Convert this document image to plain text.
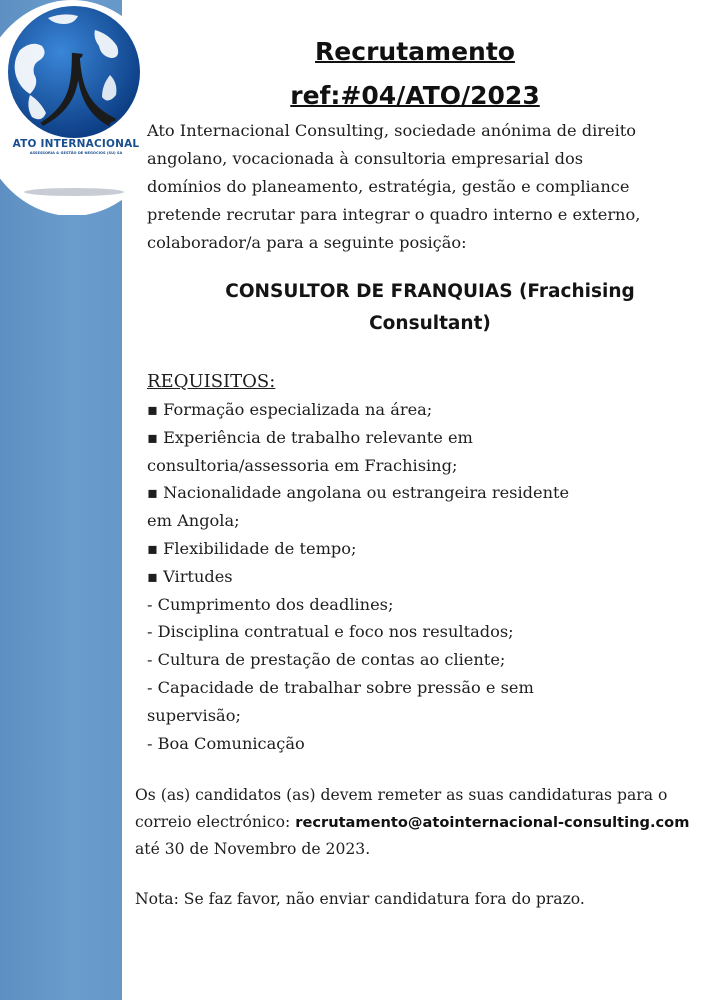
人
ATO INTERNACIONAL
ASSESSORIA & GESTÃO DE NEGÓCIOS (SU) SA
Recrutamento
ref:#04/ATO/2023
Ato Internacional Consulting, sociedade anónima de direito
angolano, vocacionada à consultoria empresarial dos
domínios do planeamento, estratégia, gestão e compliance
pretende recrutar para integrar o quadro interno e externo,
colaborador/a para a seguinte posição:
CONSULTOR DE FRANQUIAS (Frachising
Consultant)
REQUISITOS:
▪ Formação especializada na área;
▪ Experiência de trabalho relevante em
consultoria/assessoria em Frachising;
▪ Nacionalidade angolana ou estrangeira residente
em Angola;
▪ Flexibilidade de tempo;
▪ Virtudes
- Cumprimento dos deadlines;
- Disciplina contratual e foco nos resultados;
- Cultura de prestação de contas ao cliente;
- Capacidade de trabalhar sobre pressão e sem
supervisão;
- Boa Comunicação
Os (as) candidatos (as) devem remeter as suas candidaturas para o
correio electrónico: recrutamento@atointernacional-consulting.com
até 30 de Novembro de 2023.
Nota: Se faz favor, não enviar candidatura fora do prazo.
